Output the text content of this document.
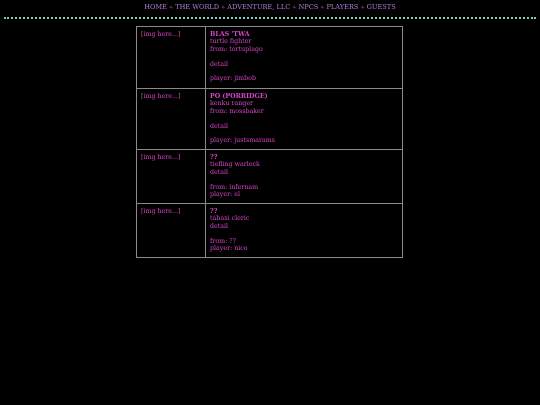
HOME ✧ THE WORLD ✧ ADVENTURE, LLC ✧ NPCS ✧ PLAYERS ✧ GUESTS
[img here...]	BLAS 'TWA
turtle fighter
from: tortuplago
detail
player: jimbob

[img here...]	PO (PORRIDGE)
kenku ranger
from: mossbaker
detail
player: justsmarams

[img here...]	??
tiefling warlock
detail
from: infernam
player: el

[img here...]	??
tabaxi cleric
detail
from: ??
player: nico
